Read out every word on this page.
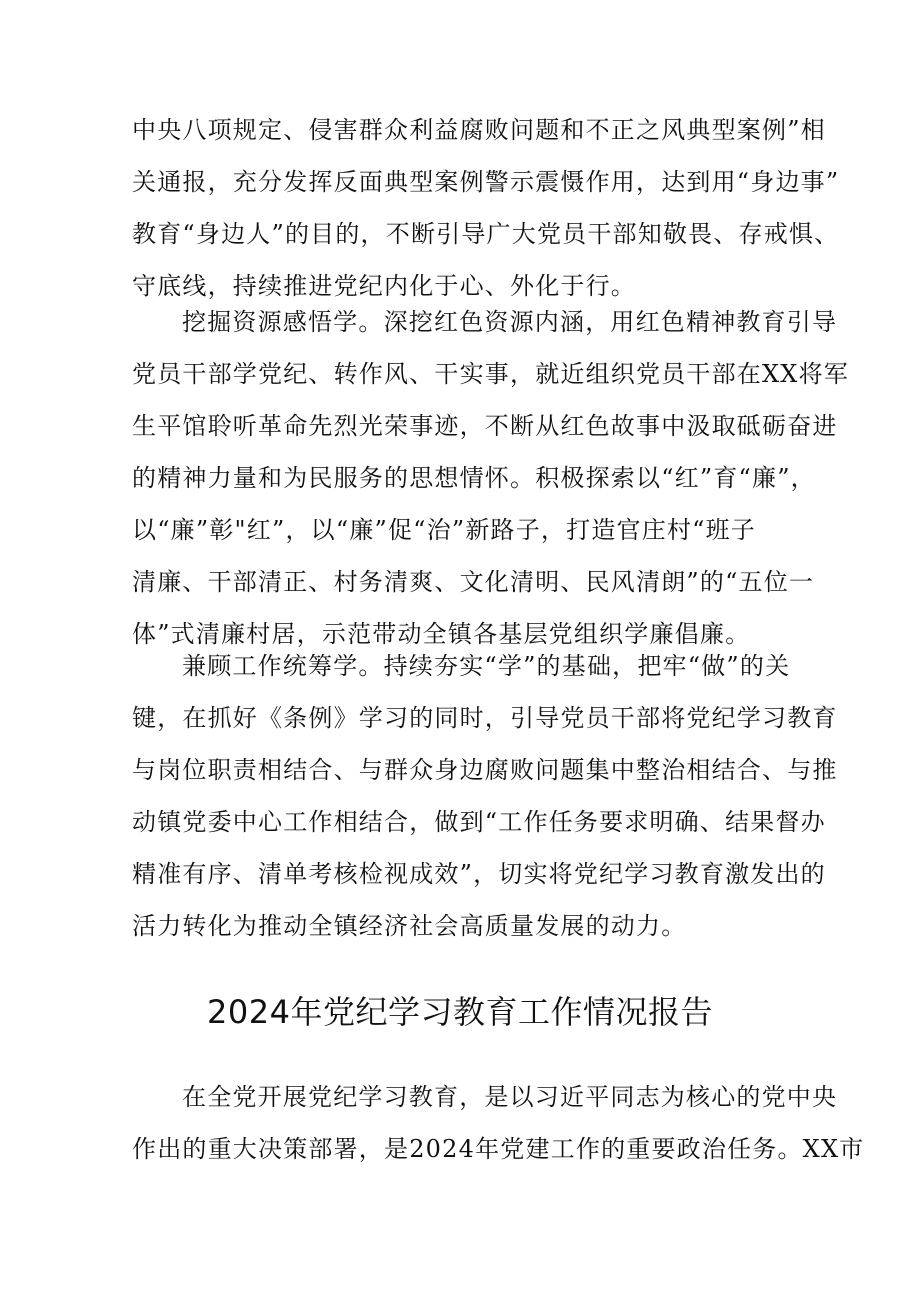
中央八项规定、侵害群众利益腐败问题和不正之风典型案例”相
关通报，充分发挥反面典型案例警示震慑作用，达到用“身边事”
教育“身边人”的目的，不断引导广大党员干部知敬畏、存戒惧、
守底线，持续推进党纪内化于心、外化于行。
挖掘资源感悟学。深挖红色资源内涵，用红色精神教育引导
党员干部学党纪、转作风、干实事，就近组织党员干部在XX将军
生平馆聆听革命先烈光荣事迹，不断从红色故事中汲取砥砺奋进
的精神力量和为民服务的思想情怀。积极探索以“红”育“廉”，
以“廉”彰"红”，以“廉”促“治”新路子，打造官庄村“班子
清廉、干部清正、村务清爽、文化清明、民风清朗”的“五位一
体”式清廉村居，示范带动全镇各基层党组织学廉倡廉。
兼顾工作统筹学。持续夯实“学”的基础，把牢“做”的关
键，在抓好《条例》学习的同时，引导党员干部将党纪学习教育
与岗位职责相结合、与群众身边腐败问题集中整治相结合、与推
动镇党委中心工作相结合，做到“工作任务要求明确、结果督办
精准有序、清单考核检视成效”，切实将党纪学习教育激发出的
活力转化为推动全镇经济社会高质量发展的动力。
2024年党纪学习教育工作情况报告
在全党开展党纪学习教育，是以习近平同志为核心的党中央
作出的重大决策部署，是2024年党建工作的重要政治任务。XX市
